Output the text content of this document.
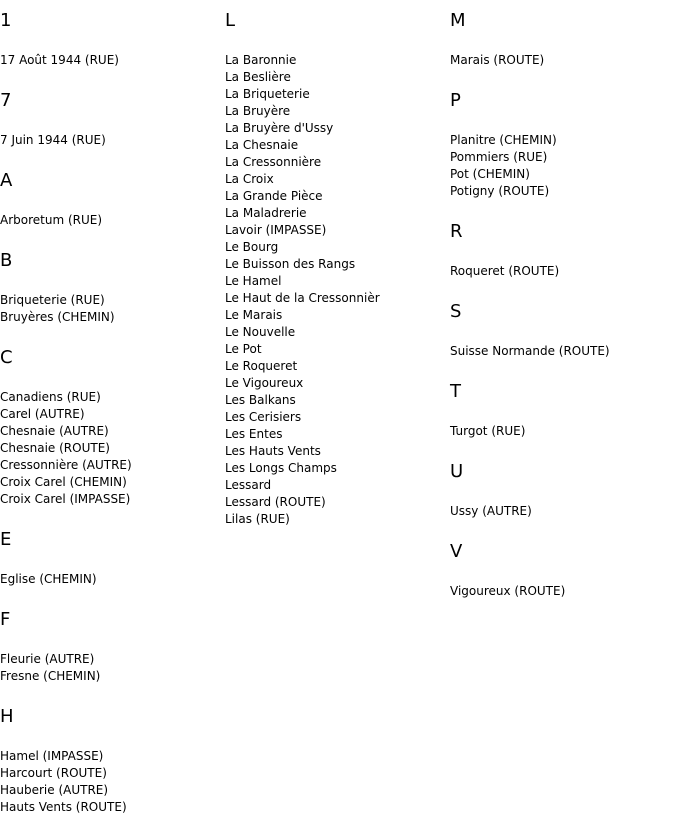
1
17 Août 1944 (RUE)
7
7 Juin 1944 (RUE)
A
Arboretum (RUE)
B
Briqueterie (RUE)
Bruyères (CHEMIN)
C
Canadiens (RUE)
Carel (AUTRE)
Chesnaie (AUTRE)
Chesnaie (ROUTE)
Cressonnière (AUTRE)
Croix Carel (CHEMIN)
Croix Carel (IMPASSE)
E
Eglise (CHEMIN)
F
Fleurie (AUTRE)
Fresne (CHEMIN)
H
Hamel (IMPASSE)
Harcourt (ROUTE)
Hauberie (AUTRE)
Hauts Vents (ROUTE)
L
La Baronnie
La Beslière
La Briqueterie
La Bruyère
La Bruyère d'Ussy
La Chesnaie
La Cressonnière
La Croix
La Grande Pièce
La Maladrerie
Lavoir (IMPASSE)
Le Bourg
Le Buisson des Rangs
Le Hamel
Le Haut de la Cressonnièr
Le Marais
Le Nouvelle
Le Pot
Le Roqueret
Le Vigoureux
Les Balkans
Les Cerisiers
Les Entes
Les Hauts Vents
Les Longs Champs
Lessard
Lessard (ROUTE)
Lilas (RUE)
M
Marais (ROUTE)
P
Planitre (CHEMIN)
Pommiers (RUE)
Pot (CHEMIN)
Potigny (ROUTE)
R
Roqueret (ROUTE)
S
Suisse Normande (ROUTE)
T
Turgot (RUE)
U
Ussy (AUTRE)
V
Vigoureux (ROUTE)
